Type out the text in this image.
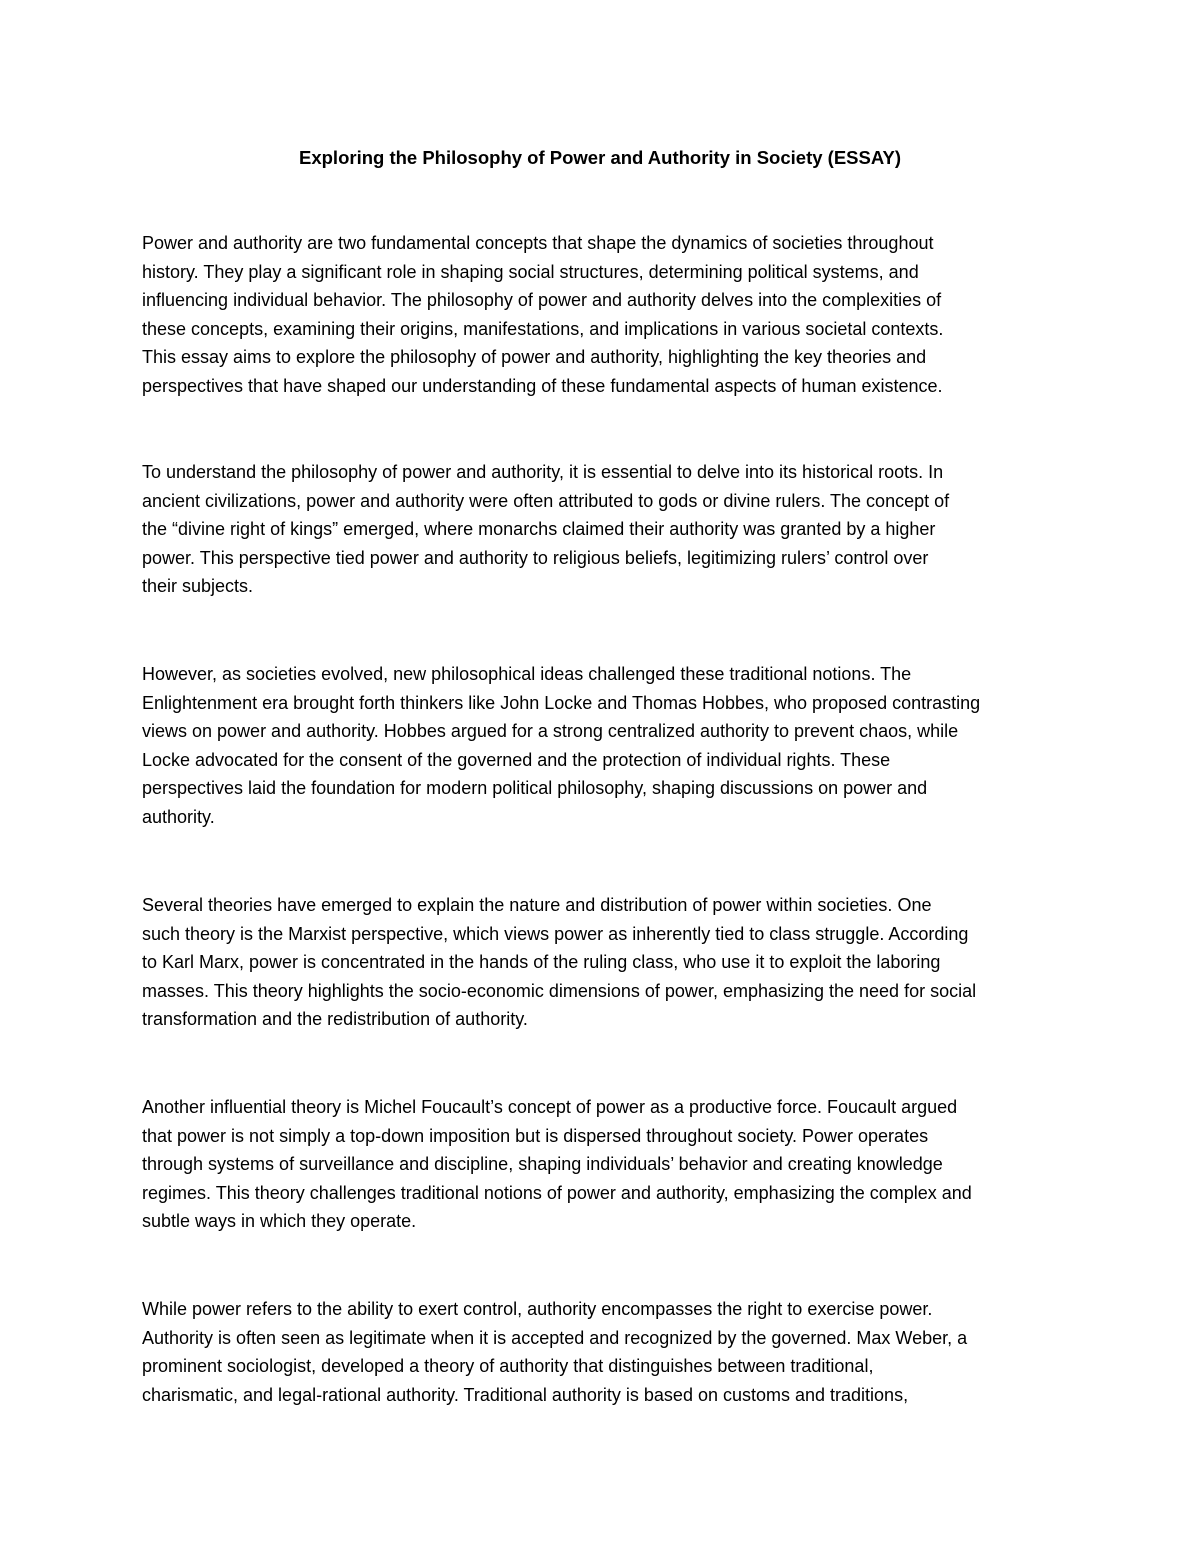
Exploring the Philosophy of Power and Authority in Society (ESSAY)
Power and authority are two fundamental concepts that shape the dynamics of societies throughout
history. They play a significant role in shaping social structures, determining political systems, and
influencing individual behavior. The philosophy of power and authority delves into the complexities of
these concepts, examining their origins, manifestations, and implications in various societal contexts.
This essay aims to explore the philosophy of power and authority, highlighting the key theories and
perspectives that have shaped our understanding of these fundamental aspects of human existence.
To understand the philosophy of power and authority, it is essential to delve into its historical roots. In
ancient civilizations, power and authority were often attributed to gods or divine rulers. The concept of
the “divine right of kings” emerged, where monarchs claimed their authority was granted by a higher
power. This perspective tied power and authority to religious beliefs, legitimizing rulers’ control over
their subjects.
However, as societies evolved, new philosophical ideas challenged these traditional notions. The
Enlightenment era brought forth thinkers like John Locke and Thomas Hobbes, who proposed contrasting
views on power and authority. Hobbes argued for a strong centralized authority to prevent chaos, while
Locke advocated for the consent of the governed and the protection of individual rights. These
perspectives laid the foundation for modern political philosophy, shaping discussions on power and
authority.
Several theories have emerged to explain the nature and distribution of power within societies. One
such theory is the Marxist perspective, which views power as inherently tied to class struggle. According
to Karl Marx, power is concentrated in the hands of the ruling class, who use it to exploit the laboring
masses. This theory highlights the socio-economic dimensions of power, emphasizing the need for social
transformation and the redistribution of authority.
Another influential theory is Michel Foucault’s concept of power as a productive force. Foucault argued
that power is not simply a top-down imposition but is dispersed throughout society. Power operates
through systems of surveillance and discipline, shaping individuals’ behavior and creating knowledge
regimes. This theory challenges traditional notions of power and authority, emphasizing the complex and
subtle ways in which they operate.
While power refers to the ability to exert control, authority encompasses the right to exercise power.
Authority is often seen as legitimate when it is accepted and recognized by the governed. Max Weber, a
prominent sociologist, developed a theory of authority that distinguishes between traditional,
charismatic, and legal-rational authority. Traditional authority is based on customs and traditions,
